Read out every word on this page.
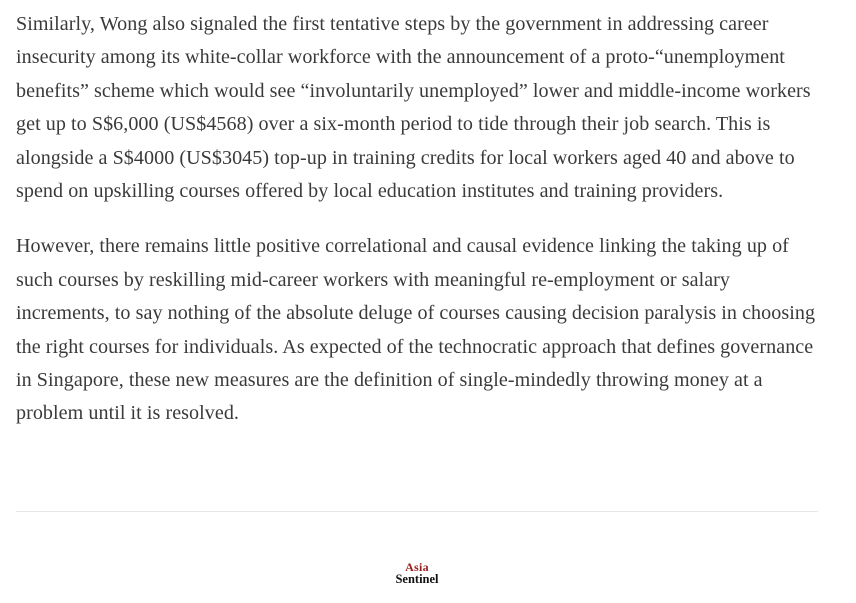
Similarly, Wong also signaled the first tentative steps by the government in addressing career insecurity among its white-collar workforce with the announcement of a proto-“unemployment benefits” scheme which would see “involuntarily unemployed” lower and middle-income workers get up to S$6,000 (US$4568) over a six-month period to tide through their job search. This is alongside a S$4000 (US$3045) top-up in training credits for local workers aged 40 and above to spend on upskilling courses offered by local education institutes and training providers.

However, there remains little positive correlational and causal evidence linking the taking up of such courses by reskilling mid-career workers with meaningful re-employment or salary increments, to say nothing of the absolute deluge of courses causing decision paralysis in choosing the right courses for individuals. As expected of the technocratic approach that defines governance in Singapore, these new measures are the definition of single-mindedly throwing money at a problem until it is resolved.

Asia
Sentinel
